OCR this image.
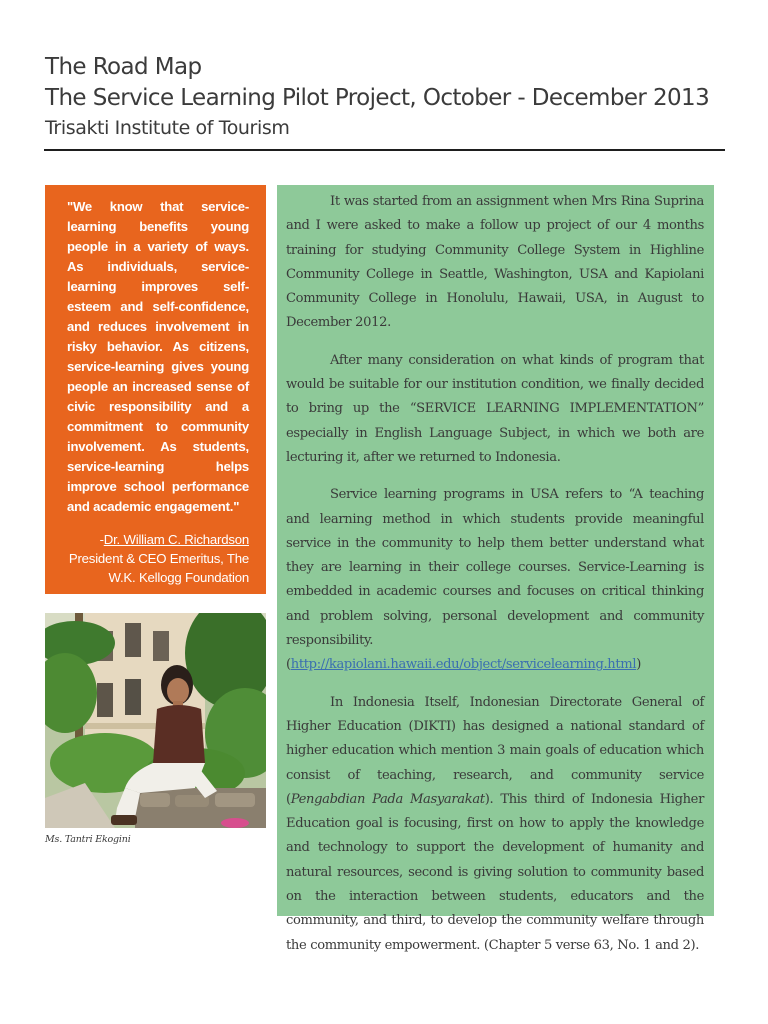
The Road Map
The Service Learning Pilot Project, October - December 2013
Trisakti Institute of Tourism
"We know that service-learning benefits young people in a variety of ways. As individuals, service-learning improves self-esteem and self-confidence, and reduces involvement in risky behavior. As citizens, service-learning gives young people an increased sense of civic responsibility and a commitment to community involvement. As students, service-learning helps improve school performance and academic engagement."
-Dr. William C. Richardson
President & CEO Emeritus, The W.K. Kellogg Foundation
Ms. Tantri Ekogini

It was started from an assignment when Mrs Rina Suprina and I were asked to make a follow up project of our 4 months training for studying Community College System in Highline Community College in Seattle, Washington, USA and Kapiolani Community College in Honolulu, Hawaii, USA, in August to December 2012.

After many consideration on what kinds of program that would be suitable for our institution condition, we finally decided to bring up the “SERVICE LEARNING IMPLEMENTATION” especially in English Language Subject, in which we both are lecturing it, after we returned to Indonesia.

Service learning programs in USA refers to “A teaching and learning method in which students provide meaningful service in the community to help them better understand what they are learning in their college courses. Service-Learning is embedded in academic courses and focuses on critical thinking and problem solving, personal development and community responsibility. (http://kapiolani.hawaii.edu/object/servicelearning.html)

In Indonesia Itself, Indonesian Directorate General of Higher Education (DIKTI) has designed a national standard of higher education which mention 3 main goals of education which consist of teaching, research, and community service (Pengabdian Pada Masyarakat). This third of Indonesia Higher Education goal is focusing, first on how to apply the knowledge and technology to support the development of humanity and natural resources, second is giving solution to community based on the interaction between students, educators and the community, and third, to develop the community welfare through the community empowerment. (Chapter 5 verse 63, No. 1 and 2).
